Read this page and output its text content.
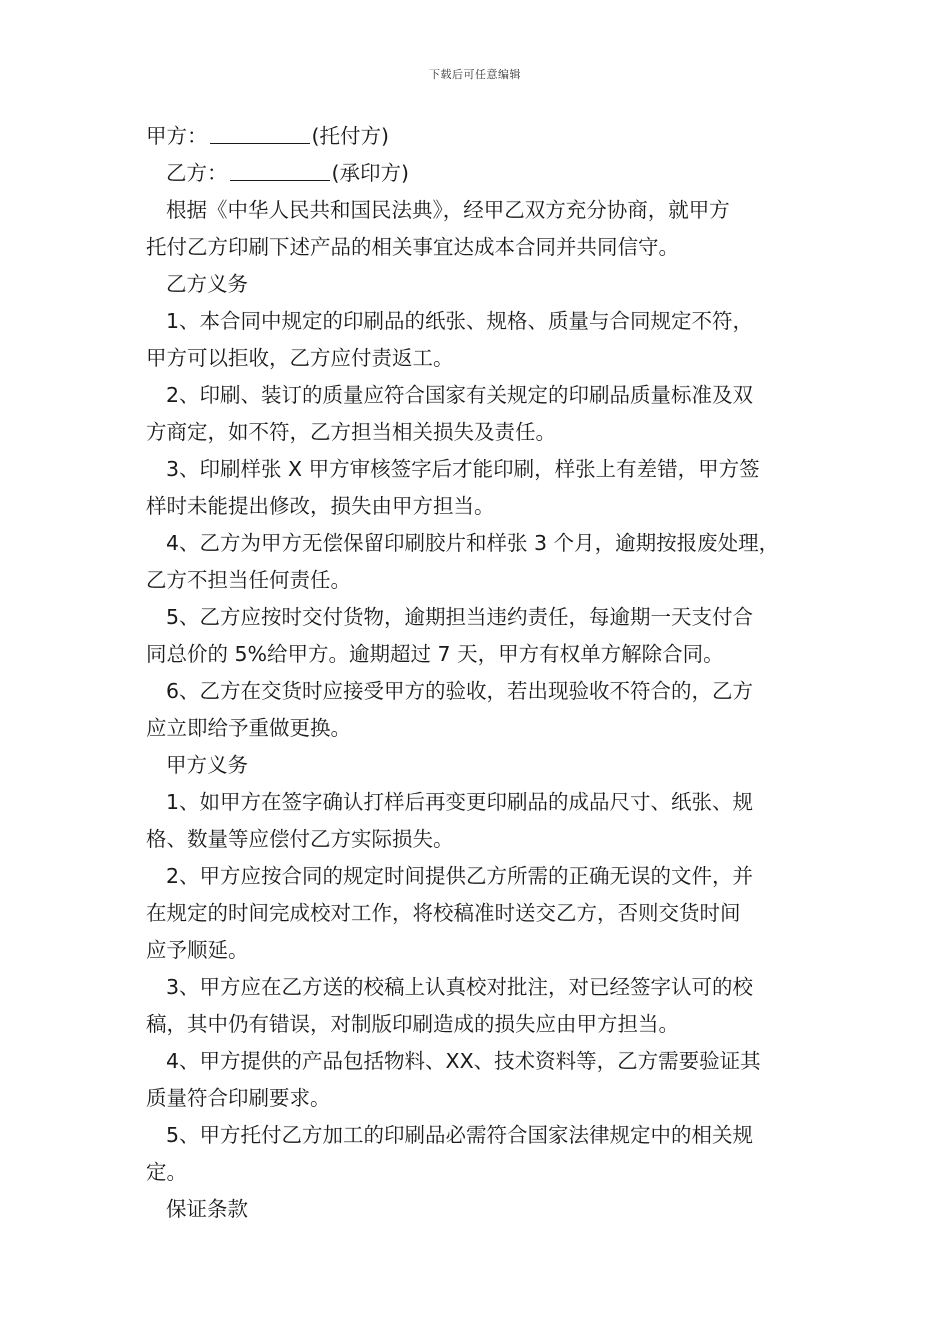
下载后可任意编辑
甲方：	(托付方)
乙方：	(承印方)
根据《中华人民共和国民法典》，经甲乙双方充分协商，就甲方
托付乙方印刷下述产品的相关事宜达成本合同并共同信守。
乙方义务
1、本合同中规定的印刷品的纸张、规格、质量与合同规定不符，
甲方可以拒收，乙方应付责返工。
2、印刷、装订的质量应符合国家有关规定的印刷品质量标准及双
方商定，如不符，乙方担当相关损失及责任。
3、印刷样张 X 甲方审核签字后才能印刷，样张上有差错，甲方签
样时未能提出修改，损失由甲方担当。
4、乙方为甲方无偿保留印刷胶片和样张 3 个月，逾期按报废处理，
乙方不担当任何责任。
5、乙方应按时交付货物，逾期担当违约责任，每逾期一天支付合
同总价的 5%给甲方。逾期超过 7 天，甲方有权单方解除合同。
6、乙方在交货时应接受甲方的验收，若出现验收不符合的，乙方
应立即给予重做更换。
甲方义务
1、如甲方在签字确认打样后再变更印刷品的成品尺寸、纸张、规
格、数量等应偿付乙方实际损失。
2、甲方应按合同的规定时间提供乙方所需的正确无误的文件，并
在规定的时间完成校对工作，将校稿准时送交乙方，否则交货时间
应予顺延。
3、甲方应在乙方送的校稿上认真校对批注，对已经签字认可的校
稿，其中仍有错误，对制版印刷造成的损失应由甲方担当。
4、甲方提供的产品包括物料、XX、技术资料等，乙方需要验证其
质量符合印刷要求。
5、甲方托付乙方加工的印刷品必需符合国家法律规定中的相关规
定。
保证条款
